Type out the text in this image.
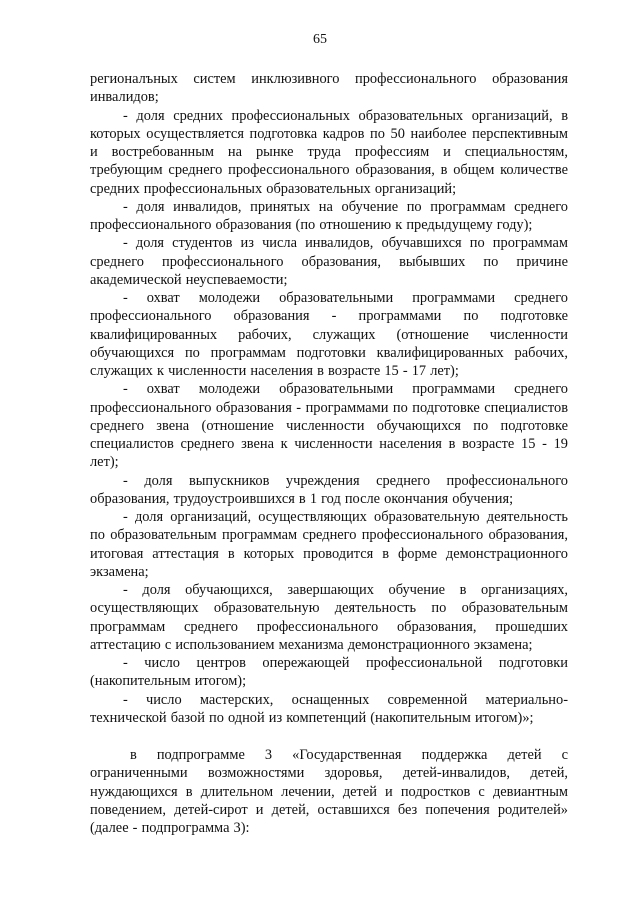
65

регионалъных систем инклюзивного профессионального образования инвалидов;

- доля средних профессиональных образовательных организаций, в которых осуществляется подготовка кадров по 50 наиболее перспективным и востребованным на рынке труда профессиям и специальностям, требующим среднего профессионального образования, в общем количестве средних профессиональных образовательных организаций;

- доля инвалидов, принятых на обучение по программам среднего профессионального образования (по отношению к предыдущему году);

- доля студентов из числа инвалидов, обучавшихся по программам среднего профессионального образования, выбывших по причине академической неуспеваемости;

- охват молодежи образовательными программами среднего профессионального образования - программами по подготовке квалифицированных рабочих, служащих (отношение численности обучающихся по программам подготовки квалифицированных рабочих, служащих к численности населения в возрасте 15 - 17 лет);

- охват молодежи образовательными программами среднего профессионального образования - программами по подготовке специалистов среднего звена (отношение численности обучающихся по подготовке специалистов среднего звена к численности населения в возрасте 15 - 19 лет);

- доля выпускников учреждения среднего профессионального образования, трудоустроившихся в 1 год после окончания обучения;

- доля организаций, осуществляющих образовательную деятельность по образовательным программам среднего профессионального образования, итоговая аттестация в которых проводится в форме демонстрационного экзамена;

- доля обучающихся, завершающих обучение в организациях, осуществляющих образовательную деятельность по образовательным программам среднего профессионального образования, прошедших аттестацию с использованием механизма демонстрационного экзамена;

- число центров опережающей профессиональной подготовки (накопительным итогом);

- число мастерских, оснащенных современной материально-технической базой по одной из компетенций (накопительным итогом)»;

в подпрограмме 3 «Государственная поддержка детей с ограниченными возможностями здоровья, детей-инвалидов, детей, нуждающихся в длительном лечении, детей и подростков с девиантным поведением, детей-сирот и детей, оставшихся без попечения родителей» (далее - подпрограмма 3):
